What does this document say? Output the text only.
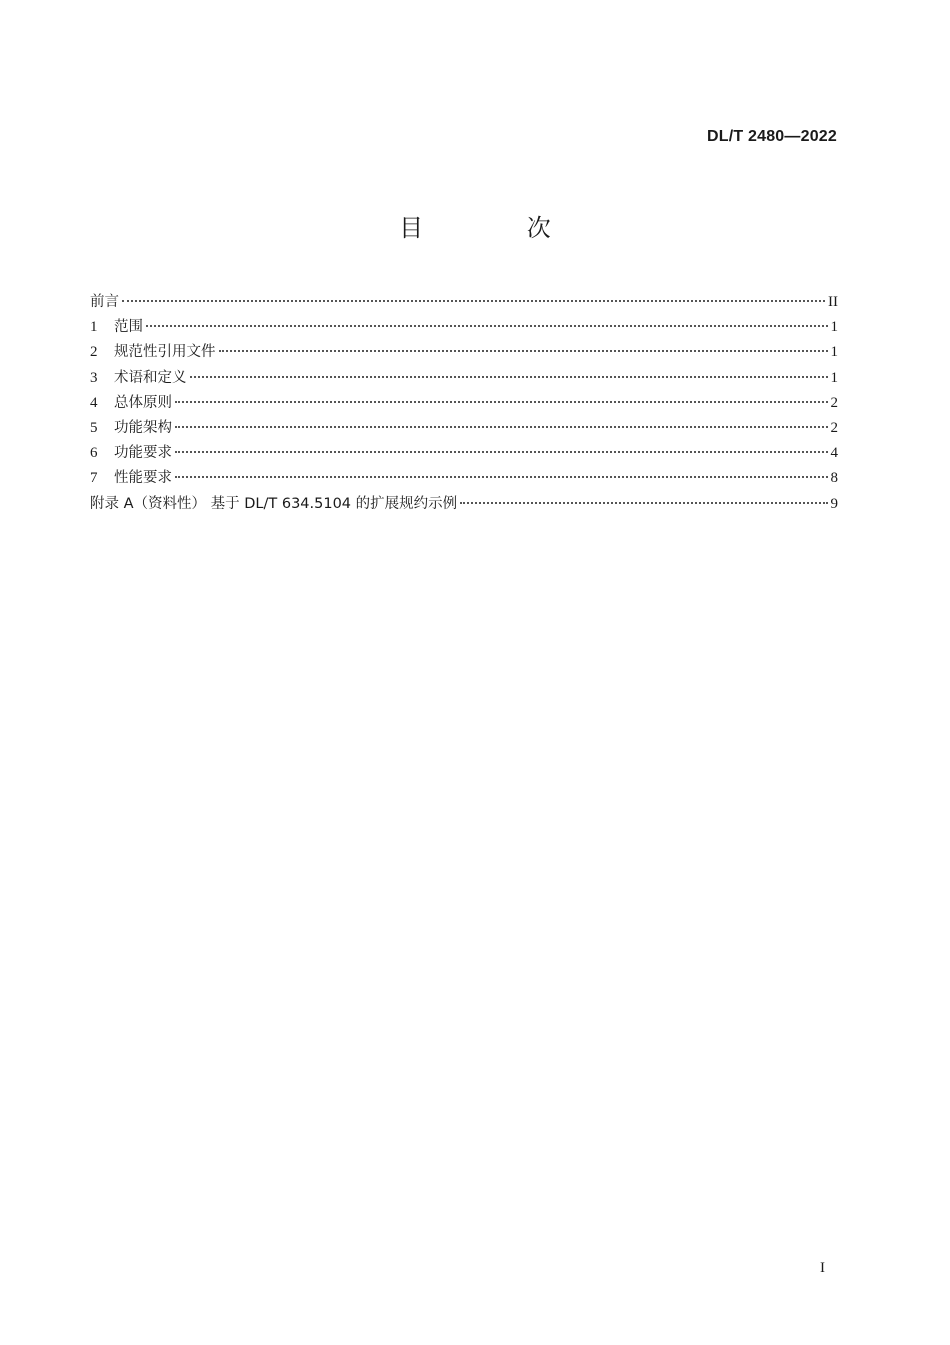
DL/T 2480—2022
目 次
前言	II
1	范围	1
2	规范性引用文件	1
3	术语和定义	1
4	总体原则	2
5	功能架构	2
6	功能要求	4
7	性能要求	8
附录 A（资料性） 基于 DL/T 634.5104 的扩展规约示例	9
I
